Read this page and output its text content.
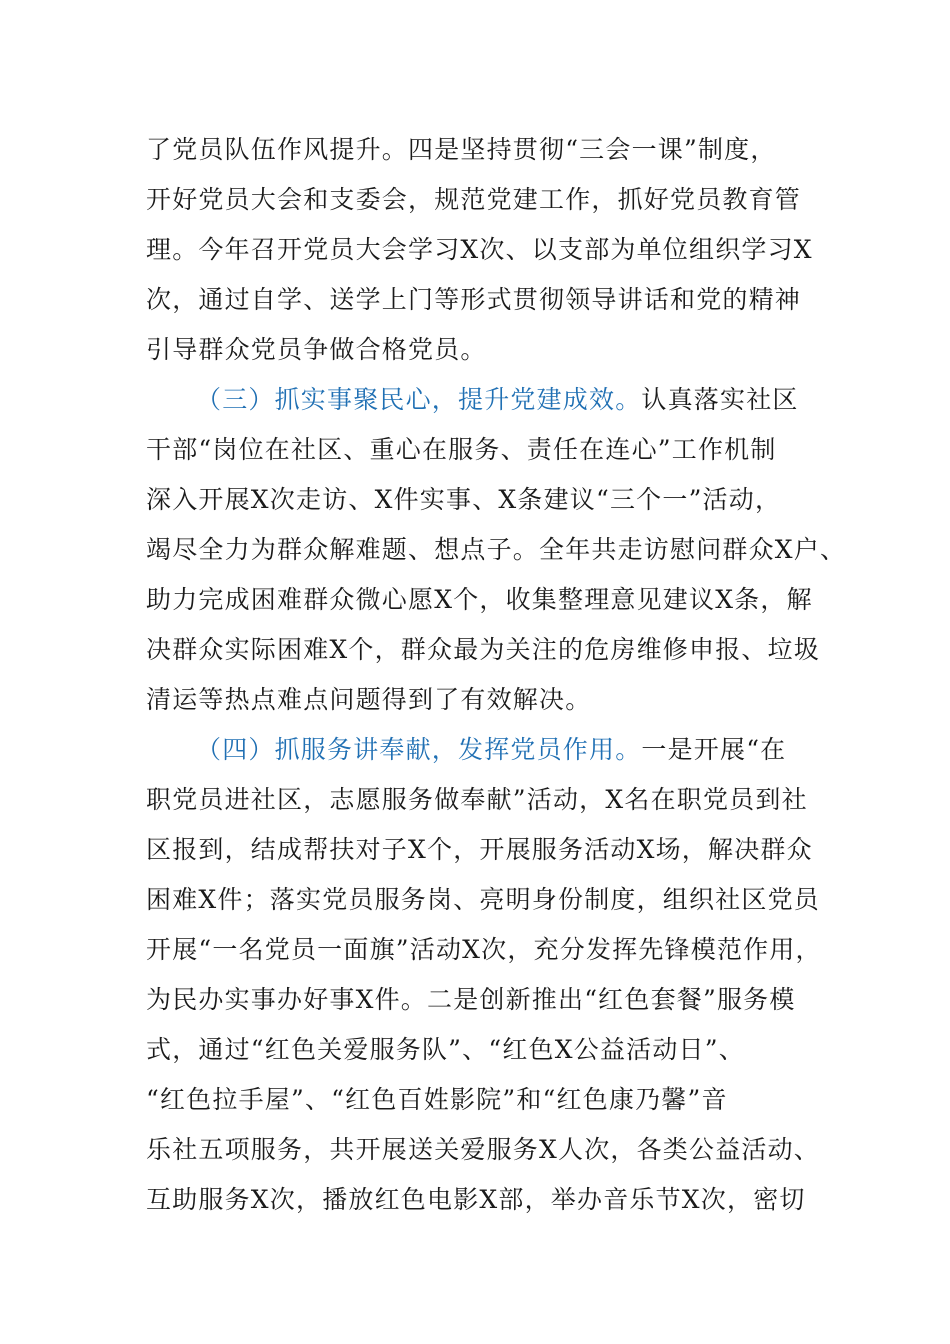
了党员队伍作风提升。四是坚持贯彻“三会一课”制度，
开好党员大会和支委会，规范党建工作，抓好党员教育管
理。今年召开党员大会学习X次、以支部为单位组织学习X
次，通过自学、送学上门等形式贯彻领导讲话和党的精神
引导群众党员争做合格党员。
（三）抓实事聚民心，提升党建成效。认真落实社区
干部“岗位在社区、重心在服务、责任在连心”工作机制
深入开展X次走访、X件实事、X条建议“三个一”活动，
竭尽全力为群众解难题、想点子。全年共走访慰问群众X户、
助力完成困难群众微心愿X个，收集整理意见建议X条，解
决群众实际困难X个，群众最为关注的危房维修申报、垃圾
清运等热点难点问题得到了有效解决。
（四）抓服务讲奉献，发挥党员作用。一是开展“在
职党员进社区，志愿服务做奉献”活动，X名在职党员到社
区报到，结成帮扶对子X个，开展服务活动X场，解决群众
困难X件；落实党员服务岗、亮明身份制度，组织社区党员
开展“一名党员一面旗”活动X次，充分发挥先锋模范作用，
为民办实事办好事X件。二是创新推出“红色套餐”服务模
式，通过“红色关爱服务队”、“红色X公益活动日”、
“红色拉手屋”、“红色百姓影院”和“红色康乃馨”音
乐社五项服务，共开展送关爱服务X人次，各类公益活动、
互助服务X次，播放红色电影X部，举办音乐节X次，密切
